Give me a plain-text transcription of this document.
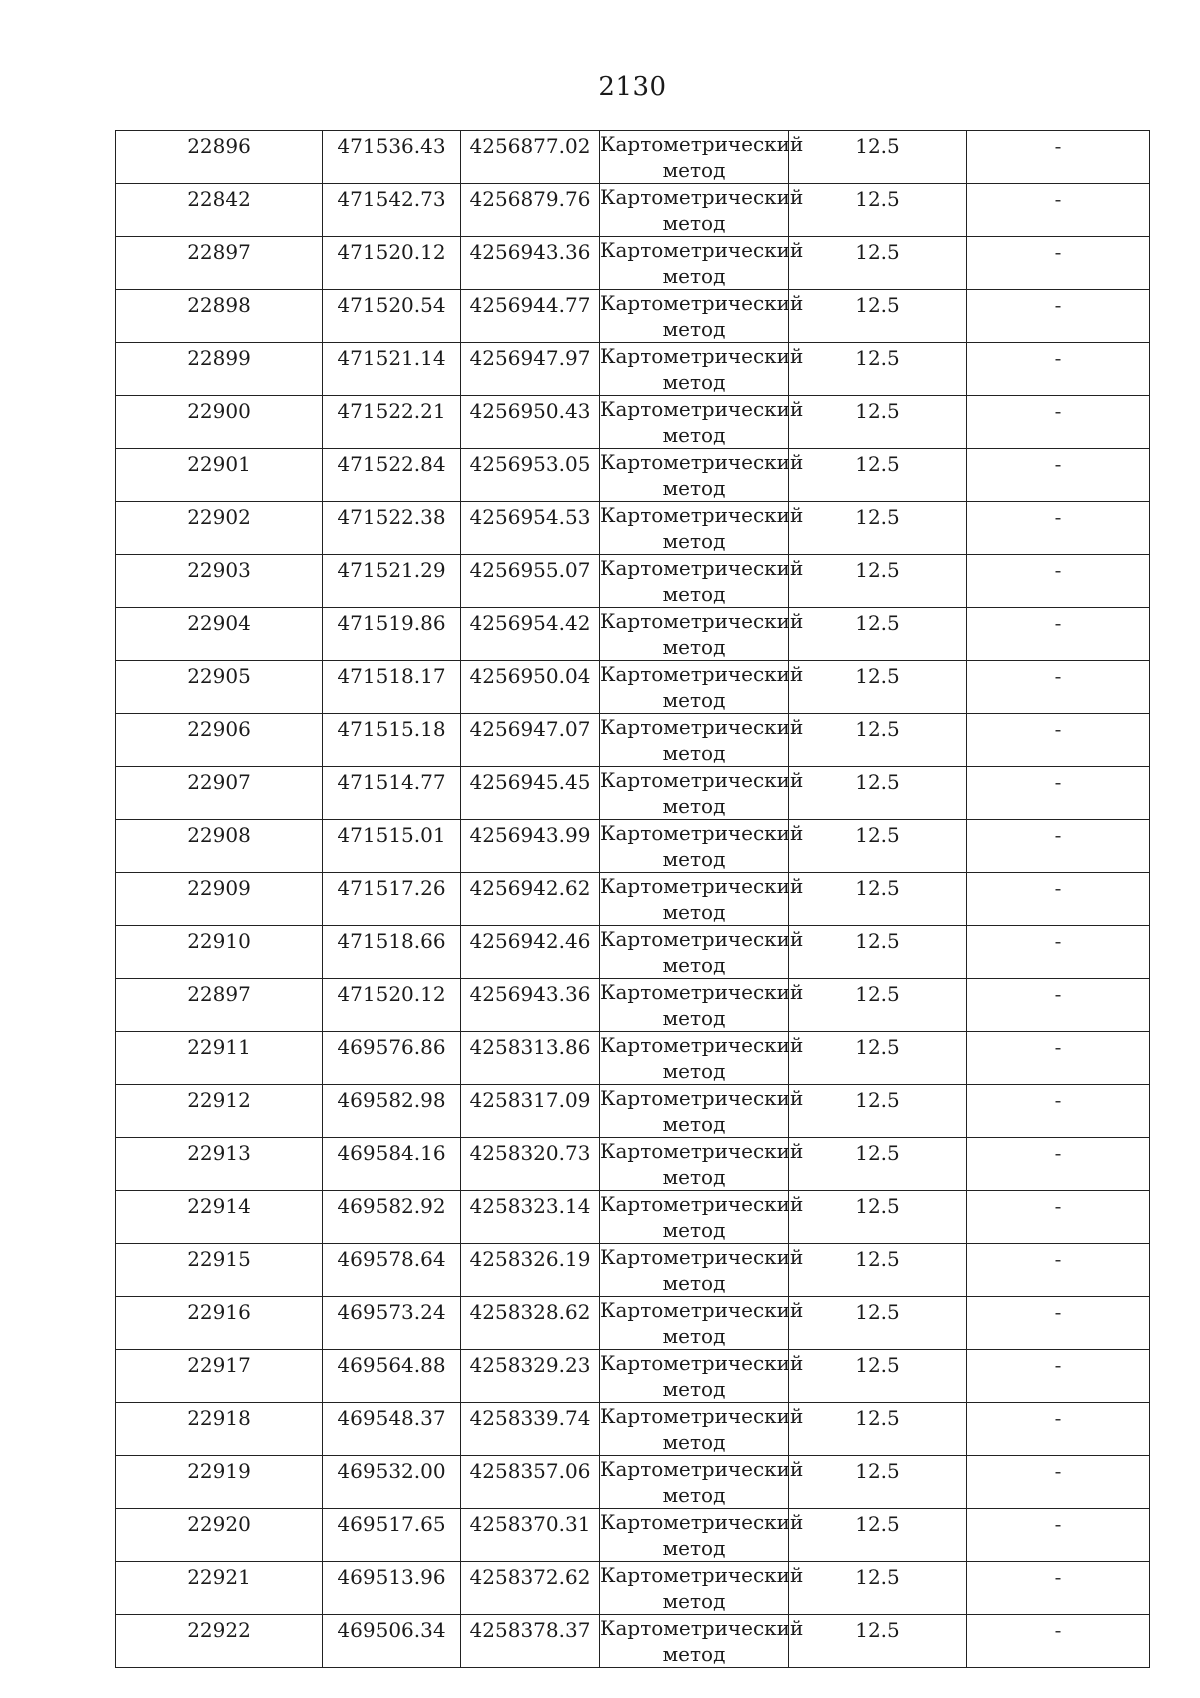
2130
22896	471536.43	4256877.02	Картометрический
метод	12.5	-
22842	471542.73	4256879.76	Картометрический
метод	12.5	-
22897	471520.12	4256943.36	Картометрический
метод	12.5	-
22898	471520.54	4256944.77	Картометрический
метод	12.5	-
22899	471521.14	4256947.97	Картометрический
метод	12.5	-
22900	471522.21	4256950.43	Картометрический
метод	12.5	-
22901	471522.84	4256953.05	Картометрический
метод	12.5	-
22902	471522.38	4256954.53	Картометрический
метод	12.5	-
22903	471521.29	4256955.07	Картометрический
метод	12.5	-
22904	471519.86	4256954.42	Картометрический
метод	12.5	-
22905	471518.17	4256950.04	Картометрический
метод	12.5	-
22906	471515.18	4256947.07	Картометрический
метод	12.5	-
22907	471514.77	4256945.45	Картометрический
метод	12.5	-
22908	471515.01	4256943.99	Картометрический
метод	12.5	-
22909	471517.26	4256942.62	Картометрический
метод	12.5	-
22910	471518.66	4256942.46	Картометрический
метод	12.5	-
22897	471520.12	4256943.36	Картометрический
метод	12.5	-
22911	469576.86	4258313.86	Картометрический
метод	12.5	-
22912	469582.98	4258317.09	Картометрический
метод	12.5	-
22913	469584.16	4258320.73	Картометрический
метод	12.5	-
22914	469582.92	4258323.14	Картометрический
метод	12.5	-
22915	469578.64	4258326.19	Картометрический
метод	12.5	-
22916	469573.24	4258328.62	Картометрический
метод	12.5	-
22917	469564.88	4258329.23	Картометрический
метод	12.5	-
22918	469548.37	4258339.74	Картометрический
метод	12.5	-
22919	469532.00	4258357.06	Картометрический
метод	12.5	-
22920	469517.65	4258370.31	Картометрический
метод	12.5	-
22921	469513.96	4258372.62	Картометрический
метод	12.5	-
22922	469506.34	4258378.37	Картометрический
метод	12.5	-
